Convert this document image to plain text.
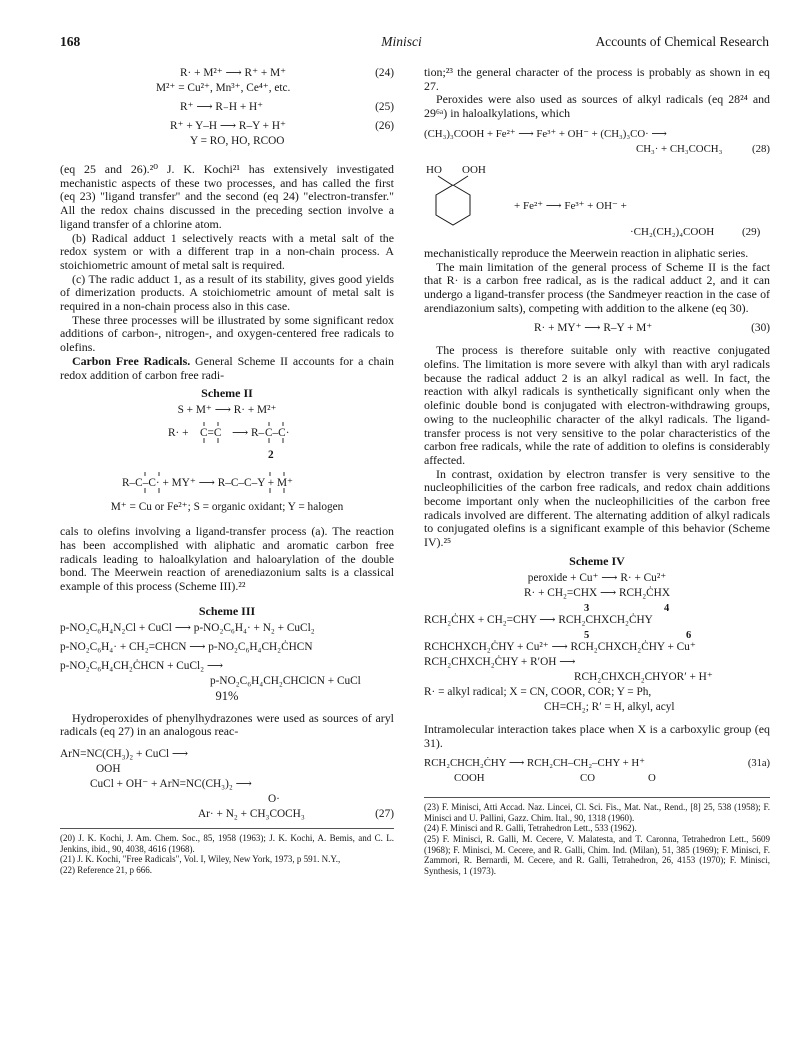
168	Minisci	Accounts of Chemical Research
R· + M²⁺ ⟶ R⁺ + M⁺	(24)
M²⁺ = Cu²⁺, Mn³⁺, Ce⁴⁺, etc.
R⁺ ⟶ R₋H + H⁺	(25)
R⁺ + Y–H ⟶ R–Y + H⁺	(26)
Y = RO, HO, RCOO

(eq 25 and 26).²⁰ J. K. Kochi²¹ has extensively investigated mechanistic aspects of these two processes, and has called the first (eq 23) "ligand transfer" and the second (eq 24) "electron-transfer." All the redox chains discussed in the preceding section involve a ligand transfer of a chlorine atom.

(b) Radical adduct 1 selectively reacts with a metal salt of the redox system or with a different trap in a non-chain process. A stoichiometric amount of metal salt is required.

(c) The radic adduct 1, as a result of its stability, gives good yields of dimerization products. A stoichiometric amount of metal salt is required in a non-chain process also in this case.

These three processes will be illustrated by some significant redox additions of carbon-, nitrogen-, and oxygen-centered free radicals to olefins.

Carbon Free Radicals. General Scheme II accounts for a chain redox addition of carbon free radi-

Scheme II
S + M⁺ ⟶ R· + M²⁺
R· + C=C ⟶ R– C–C·
2
R–C–C· + MY⁺ ⟶ R–C–C–Y + M⁺
M⁺ = Cu or Fe²⁺; S = organic oxidant; Y = halogen

cals to olefins involving a ligand-transfer process (a). The reaction has been accomplished with aliphatic and aromatic carbon free radicals leading to haloalkylation and haloarylation of the double bond. The Meerwein reaction of arenediazonium salts is a classical example of this process (Scheme III).²²

Scheme III
p-NO₂C₆H₄N₂Cl + CuCl ⟶ p-NO₂C₆H₄· + N₂ + CuCl₂
p-NO₂C₆H₄· + CH₂=CHCN ⟶ p-NO₂C₆H₄CH₂ĊHCN
p-NO₂C₆H₄CH₂ĊHCN + CuCl₂ ⟶
p-NO₂C₆H₄CH₂CHClCN + CuCl
91%

Hydroperoxides of phenylhydrazones were used as sources of aryl radicals (eq 27) in an analogous reac-

ArN=NC(CH₃)₂ + CuCl ⟶
OOH
CuCl + OH⁻ + ArN=NC(CH₃)₂ ⟶
O·
Ar· + N₂ + CH₃COCH₃	(27)

(20) J. K. Kochi, J. Am. Chem. Soc., 85, 1958 (1963); J. K. Kochi, A. Bemis, and C. L. Jenkins, ibid., 90, 4038, 4616 (1968).

(21) J. K. Kochi, "Free Radicals", Vol. I, Wiley, New York, 1973, p 591. N.Y.,

(22) Reference 21, p 666.

tion;²³ the general character of the process is probably as shown in eq 27.

Peroxides were also used as sources of alkyl radicals (eq 28²⁴ and 29⁶ᵃ) in haloalkylations, which

(CH₃)₃COOH + Fe²⁺ ⟶ Fe³⁺ + OH⁻ + (CH₃)₃CO· ⟶
CH₃· + CH₃COCH₃	(28)
HO OOH
+ Fe²⁺ ⟶ Fe³⁺ + OH⁻ +
·CH₂(CH₂)₄COOH	(29)

mechanistically reproduce the Meerwein reaction in aliphatic series.

The main limitation of the general process of Scheme II is the fact that R· is a carbon free radical, as is the radical adduct 2, and it can undergo a ligand-transfer process (the Sandmeyer reaction in the case of arendiazonium salts), competing with addition to the alkene (eq 30).

R· + MY⁺ ⟶ R–Y + M⁺	(30)

The process is therefore suitable only with reactive conjugated olefins. The limitation is more severe with alkyl than with aryl radicals because the radical adduct 2 is an alkyl radical as well. In fact, the reaction with alkyl radicals is synthetically significant only when the olefinic double bond is conjugated with electron-withdrawing groups, owing to the nucleophilic character of the alkyl radicals. The ligand-transfer process is not very sensitive to the polar characteristics of the carbon free radicals, while the rate of addition to olefins is considerably affected.

In contrast, oxidation by electron transfer is very sensitive to the nucleophilicities of the carbon free radicals, and redox chain additions become important only when the nucleophilicities of the carbon free radicals involved are different. The alternating addition of alkyl radicals to conjugated olefins is a significant example of this behavior (Scheme IV).²⁵

Scheme IV
peroxide + Cu⁺ ⟶ R· + Cu²⁺
R· + CH₂=CHX ⟶ RCH₂ĊHX
3	4
RCH₂ĊHX + CH₂=CHY ⟶ RCH₂CHXCH₂ĊHY
5	6
RCHCHXCH₂ĊHY + Cu²⁺ ⟶ RCH₂CHXCH₂ĊHY + Cu⁺
RCH₂CHXCH₂ĊHY + R′OH ⟶
RCH₂CHXCH₂CHYOR′ + H⁺
R· = alkyl radical; X = CN, COOR, COR; Y = Ph,
CH=CH₂; R′ = H, alkyl, acyl

Intramolecular interaction takes place when X is a carboxylic group (eq 31).

RCH₂CHCH₂ĊHY ⟶ RCH₂CH–CH₂–CHY + H⁺	(31a)
COOH	CO	O

(23) F. Minisci, Atti Accad. Naz. Lincei, Cl. Sci. Fis., Mat. Nat., Rend., [8] 25, 538 (1958); F. Minisci and U. Pallini, Gazz. Chim. Ital., 90, 1318 (1960).

(24) F. Minisci and R. Galli, Tetrahedron Lett., 533 (1962).

(25) F. Minisci, R. Galli, M. Cecere, V. Malatesta, and T. Caronna, Tetrahedron Lett., 5609 (1968); F. Minisci, M. Cecere, and R. Galli, Chim. Ind. (Milan), 51, 385 (1969); F. Minisci, F. Zammori, R. Bernardi, M. Cecere, and R. Galli, Tetrahedron, 26, 4153 (1970); F. Minisci, Synthesis, 1 (1973).
